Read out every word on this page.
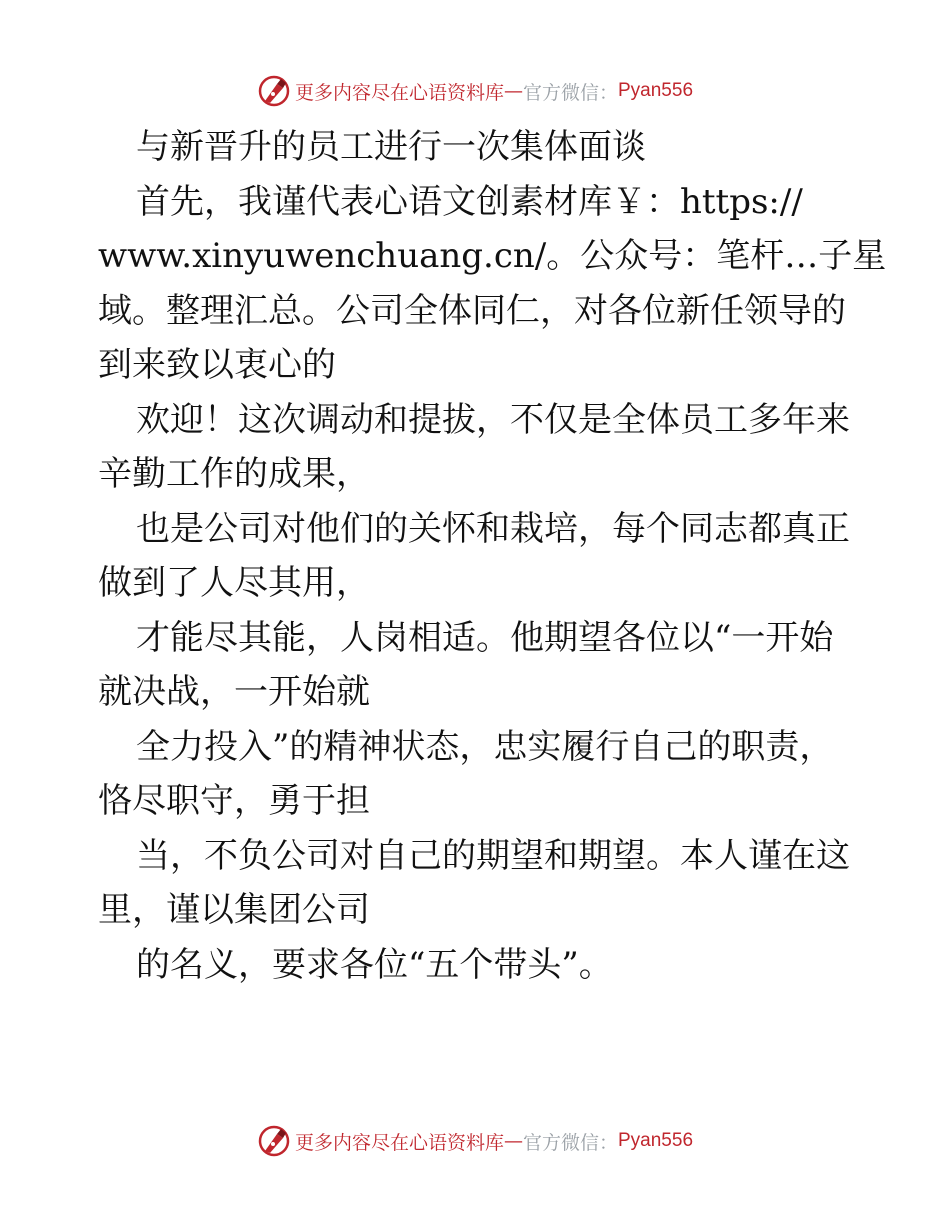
更多内容尽在心语资料库 — 官方微信： Pyan556

与新晋升的员工进行一次集体面谈

首先，我谨代表心语文创素材库￥：https://

www.xinyuwenchuang.cn/。公众号：笔杆…子星

域。整理汇总。公司全体同仁，对各位新任领导的

到来致以衷心的

欢迎！这次调动和提拔，不仅是全体员工多年来

辛勤工作的成果，

也是公司对他们的关怀和栽培，每个同志都真正

做到了人尽其用，

才能尽其能，人岗相适。他期望各位以“一开始

就决战，一开始就

全力投入”的精神状态，忠实履行自己的职责，

恪尽职守，勇于担

当，不负公司对自己的期望和期望。本人谨在这

里，谨以集团公司

的名义，要求各位“五个带头”。

更多内容尽在心语资料库 — 官方微信： Pyan556
